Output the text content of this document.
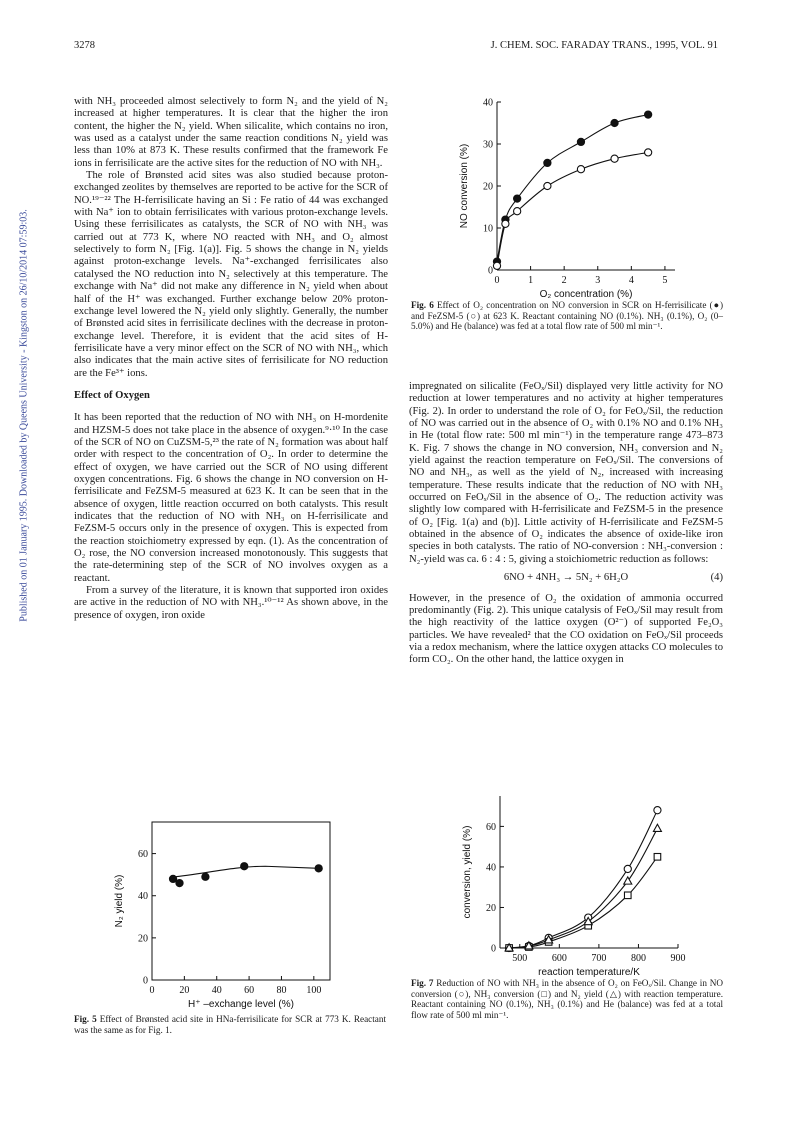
3278	J. CHEM. SOC. FARADAY TRANS., 1995, VOL. 91
Published on 01 January 1995. Downloaded by Queens University - Kingston on 26/10/2014 07:59:03.

with NH₃ proceeded almost selectively to form N₂ and the yield of N₂ increased at higher temperatures. It is clear that the higher the iron content, the higher the N₂ yield. When silicalite, which contains no iron, was used as a catalyst under the same reaction conditions N₂ yield was less than 10% at 873 K. These results confirmed that the framework Fe ions in ferrisilicate are the active sites for the reduction of NO with NH₃.

The role of Brønsted acid sites was also studied because proton-exchanged zeolites by themselves are reported to be active for the SCR of NO.¹⁹⁻²² The H-ferrisilicate having an Si : Fe ratio of 44 was exchanged with Na⁺ ion to obtain ferrisilicates with various proton-exchange levels. Using these ferrisilicates as catalysts, the SCR of NO with NH₃ was carried out at 773 K, where NO reacted with NH₃ and O₂ almost selectively to form N₂ [Fig. 1(a)]. Fig. 5 shows the change in N₂ yields against proton-exchange levels. Na⁺-exchanged ferrisilicates also catalysed the NO reduction into N₂ selectively at this temperature. The exchange with Na⁺ did not make any difference in N₂ yield when about half of the H⁺ was exchanged. Further exchange below 20% proton-exchange level lowered the N₂ yield only slightly. Generally, the number of Brønsted acid sites in ferrisilicate declines with the decrease in proton-exchange level. Therefore, it is evident that the acid sites of H-ferrisilicate have a very minor effect on the SCR of NO with NH₃, which also indicates that the main active sites of ferrisilicate for NO reduction are the Fe³⁺ ions.

Effect of Oxygen

It has been reported that the reduction of NO with NH₃ on H-mordenite and HZSM-5 does not take place in the absence of oxygen.⁹·¹⁰ In the case of the SCR of NO on CuZSM-5,²³ the rate of N₂ formation was about half order with respect to the concentration of O₂. In order to determine the effect of oxygen, we have carried out the SCR of NO using different oxygen concentrations. Fig. 6 shows the change in NO conversion on H-ferrisilicate and FeZSM-5 measured at 623 K. It can be seen that in the absence of oxygen, little reaction occurred on both catalysts. This result indicates that the reduction of NO with NH₃ on H-ferrisilicate and FeZSM-5 occurs only in the presence of oxygen. This is expected from the reaction stoichiometry expressed by eqn. (1). As the concentration of O₂ rose, the NO conversion increased monotonously. This suggests that the rate-determining step of the SCR of NO involves oxygen as a reactant.

From a survey of the literature, it is known that supported iron oxides are active in the reduction of NO with NH₃.¹⁰⁻¹² As shown above, in the presence of oxygen, iron oxide

impregnated on silicalite (FeOₓ/Sil) displayed very little activity for NO reduction at lower temperatures and no activity at higher temperatures (Fig. 2). In order to understand the role of O₂ for FeOₓ/Sil, the reduction of NO was carried out in the absence of O₂ with 0.1% NO and 0.1% NH₃ in He (total flow rate: 500 ml min⁻¹) in the temperature range 473–873 K. Fig. 7 shows the change in NO conversion, NH₃ conversion and N₂ yield against the reaction temperature on FeOₓ/Sil. The conversions of NO and NH₃, as well as the yield of N₂, increased with increasing temperature. These results indicate that the reduction of NO with NH₃ occurred on FeOₓ/Sil in the absence of O₂. The reduction activity was slightly low compared with H-ferrisilicate and FeZSM-5 in the presence of O₂ [Fig. 1(a) and (b)]. Little activity of H-ferrisilicate and FeZSM-5 obtained in the absence of O₂ indicates the absence of oxide-like iron species in both catalysts. The ratio of NO-conversion : NH₃-conversion : N₂-yield was ca. 6 : 4 : 5, giving a stoichiometric reduction as follows:

6NO + 4NH₃ → 5N₂ + 6H₂O	(4)

However, in the presence of O₂ the oxidation of ammonia occurred predominantly (Fig. 2). This unique catalysis of FeOₓ/Sil may result from the high reactivity of the lattice oxygen (O²⁻) of supported Fe₂O₃ particles. We have revealed² that the CO oxidation on FeOₓ/Sil proceeds via a redox mechanism, where the lattice oxygen attacks CO molecules to form CO₂. On the other hand, the lattice oxygen in

0	1	2	3	4	5
0
10
20
30
40
O₂ concentration (%)
NO conversion (%)
Fig. 6 Effect of O₂ concentration on NO conversion in SCR on H-ferrisilicate (●) and FeZSM-5 (○) at 623 K. Reactant containing NO (0.1%). NH₃ (0.1%), O₂ (0–5.0%) and He (balance) was fed at a total flow rate of 500 ml min⁻¹.
0 20 40 60 80 100
0
20
40
60
H⁺ –exchange level (%)
N₂ yield (%)
Fig. 5 Effect of Brønsted acid site in HNa-ferrisilicate for SCR at 773 K. Reactant was the same as for Fig. 1.
500 600 700 800 900
0
20
40
60
reaction temperature/K
conversion, yield (%)
Fig. 7 Reduction of NO with NH₃ in the absence of O₂ on FeOₓ/Sil. Change in NO conversion (○), NH₃ conversion (□) and N₂ yield (△) with reaction temperature. Reactant containing NO (0.1%), NH₃ (0.1%) and He (balance) was fed at a total flow rate of 500 ml min⁻¹.
